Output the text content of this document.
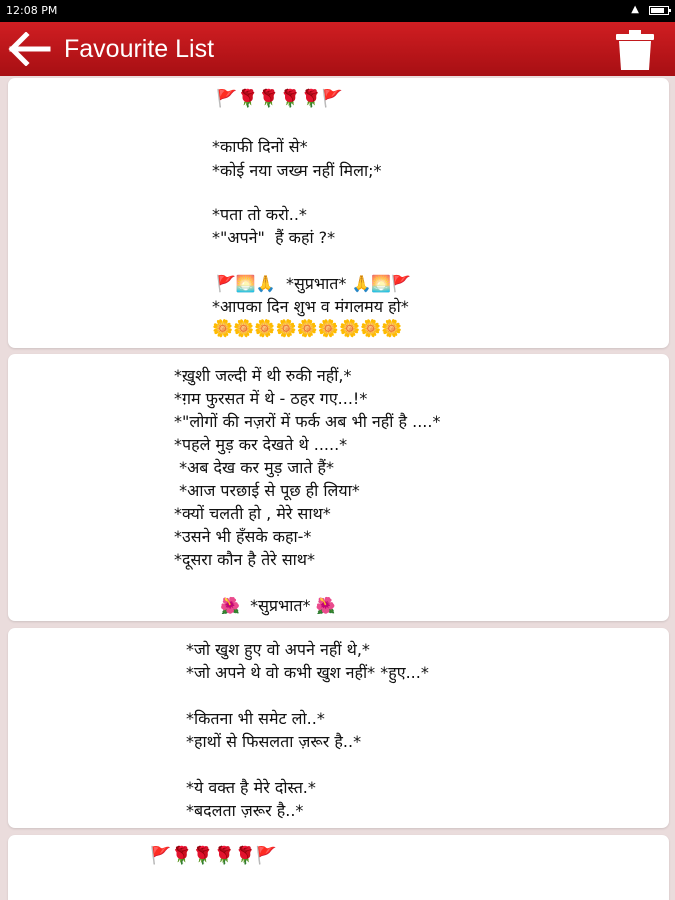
12:08 PM	▲
Favourite List
🚩🌹🌹🌹🌹🚩
*काफी दिनों से*
*कोई नया जख्म नहीं मिला;*
*पता तो करो..*
*"अपने"  हैं कहां ?*
🚩🌅🙏  *सुप्रभात* 🙏🌅🚩
*आपका दिन शुभ व मंगलमय हो*
🌼🌼🌼🌼🌼🌼🌼🌼🌼
*ख़ुशी जल्दी में थी रुकी नहीं,*
*ग़म फुरसत में थे - ठहर गए...!*
*"लोगों की नज़रों में फर्क अब भी नहीं है ....*
*पहले मुड़ कर देखते थे .....*
*अब देख कर मुड़ जाते हैं*
*आज परछाई से पूछ ही लिया*
*क्यों चलती हो , मेरे साथ*
*उसने भी हँसके कहा-*
*दूसरा कौन है तेरे साथ*
🌺  *सुप्रभात* 🌺
*जो खुश हुए वो अपने नहीं थे,*
*जो अपने थे वो कभी खुश नहीं* *हुए...*
*कितना भी समेट लो..*
*हाथों से फिसलता ज़रूर है..*
*ये वक्त है मेरे दोस्त.*
*बदलता ज़रूर है..*
🚩🌹🌹🌹🌹🚩
